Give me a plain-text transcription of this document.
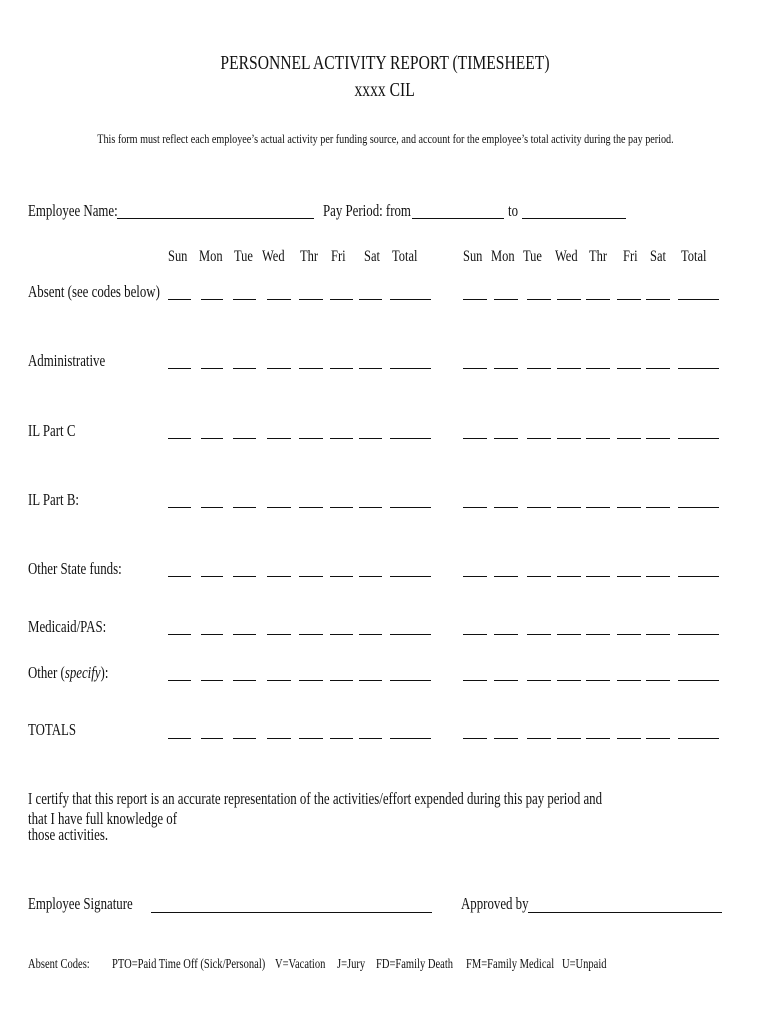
PERSONNEL ACTIVITY REPORT (TIMESHEET)
xxxx CIL
This form must reflect each employee’s actual activity per funding source, and account for the employee’s total activity during the pay period.
Employee Name:	Pay Period: from	to
Sun Mon Tue Wed Thr Fri Sat Total	Sun Mon Tue Wed Thr Fri Sat Total
Absent (see codes below)
Administrative
IL Part C
IL Part B:
Other State funds:
Medicaid/PAS:
Other (specify):
TOTALS
I certify that this report is an accurate representation of the activities/effort expended during this pay period and that I have full knowledge of
those activities.
Employee Signature	Approved by
Absent Codes:	PTO=Paid Time Off (Sick/Personal) V=Vacation J=Jury FD=Family Death FM=Family Medical U=Unpaid
